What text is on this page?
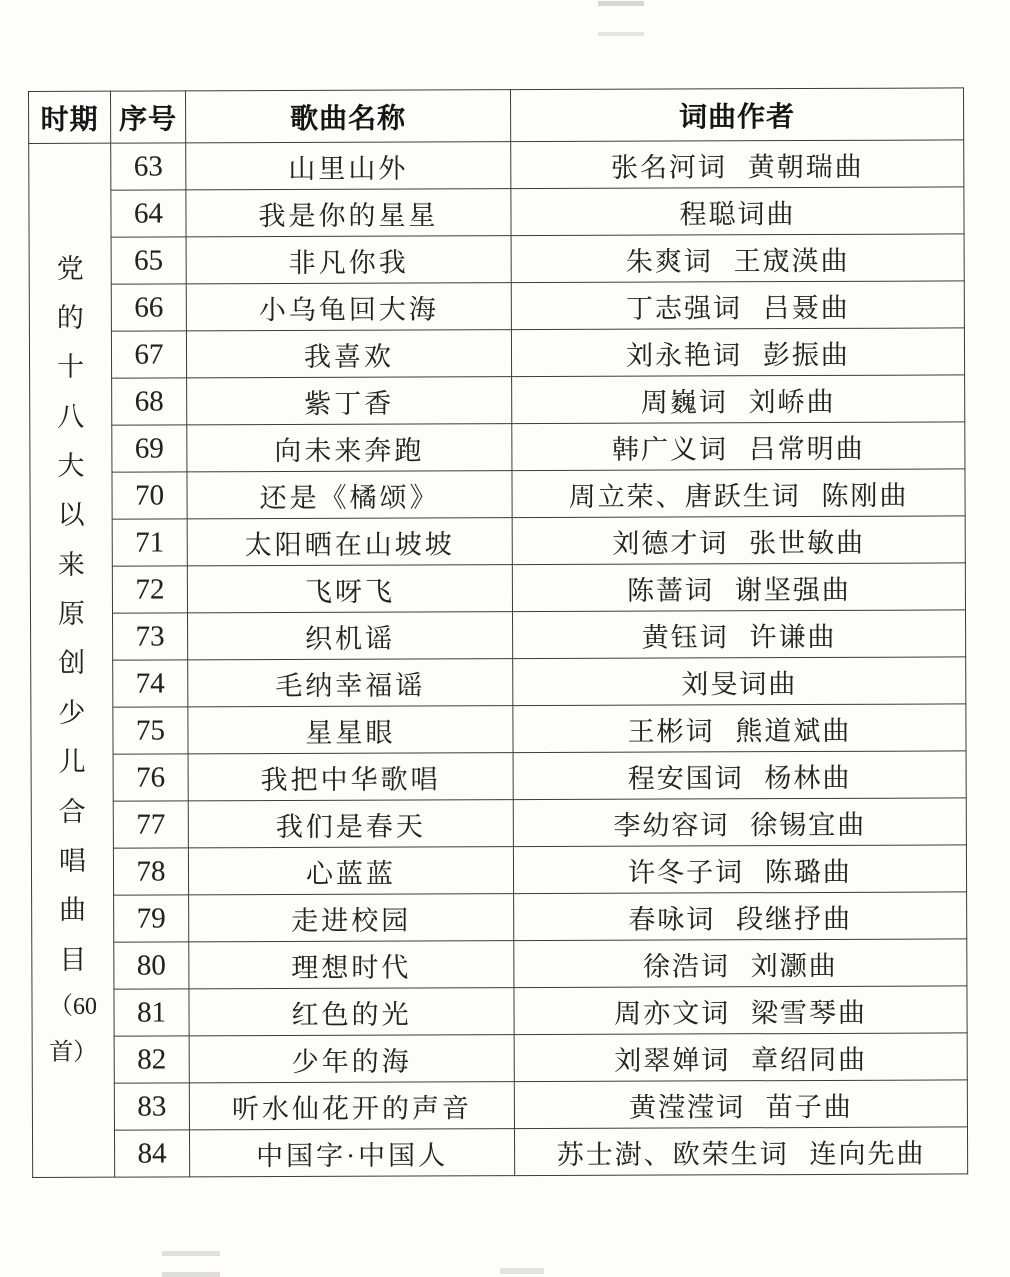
时期	序号	歌曲名称	词曲作者

党
的
十
八
大
以
来
原
创
少
儿
合
唱
曲
目
（60
首）
	63	山里山外	张名河词 黄朝瑞曲
	64	我是你的星星	程聪词曲
	65	非凡你我	朱爽词 王宬渶曲
	66	小乌龟回大海	丁志强词 吕聂曲
	67	我喜欢	刘永艳词 彭振曲
	68	紫丁香	周巍词 刘峤曲
	69	向未来奔跑	韩广义词 吕常明曲
	70	还是《橘颂》	周立荣、唐跃生词 陈刚曲
	71	太阳晒在山坡坡	刘德才词 张世敏曲
	72	飞呀飞	陈蔷词 谢坚强曲
	73	织机谣	黄钰词 许谦曲
	74	毛纳幸福谣	刘旻词曲
	75	星星眼	王彬词 熊道斌曲
	76	我把中华歌唱	程安国词 杨林曲
	77	我们是春天	李幼容词 徐锡宜曲
	78	心蓝蓝	许冬子词 陈璐曲
	79	走进校园	春咏词 段继抒曲
	80	理想时代	徐浩词 刘灏曲
	81	红色的光	周亦文词 梁雪琴曲
	82	少年的海	刘翠婵词 章绍同曲
	83	听水仙花开的声音	黄滢滢词 苗子曲
	84	中国字·中国人	苏士澍、欧荣生词 连向先曲
